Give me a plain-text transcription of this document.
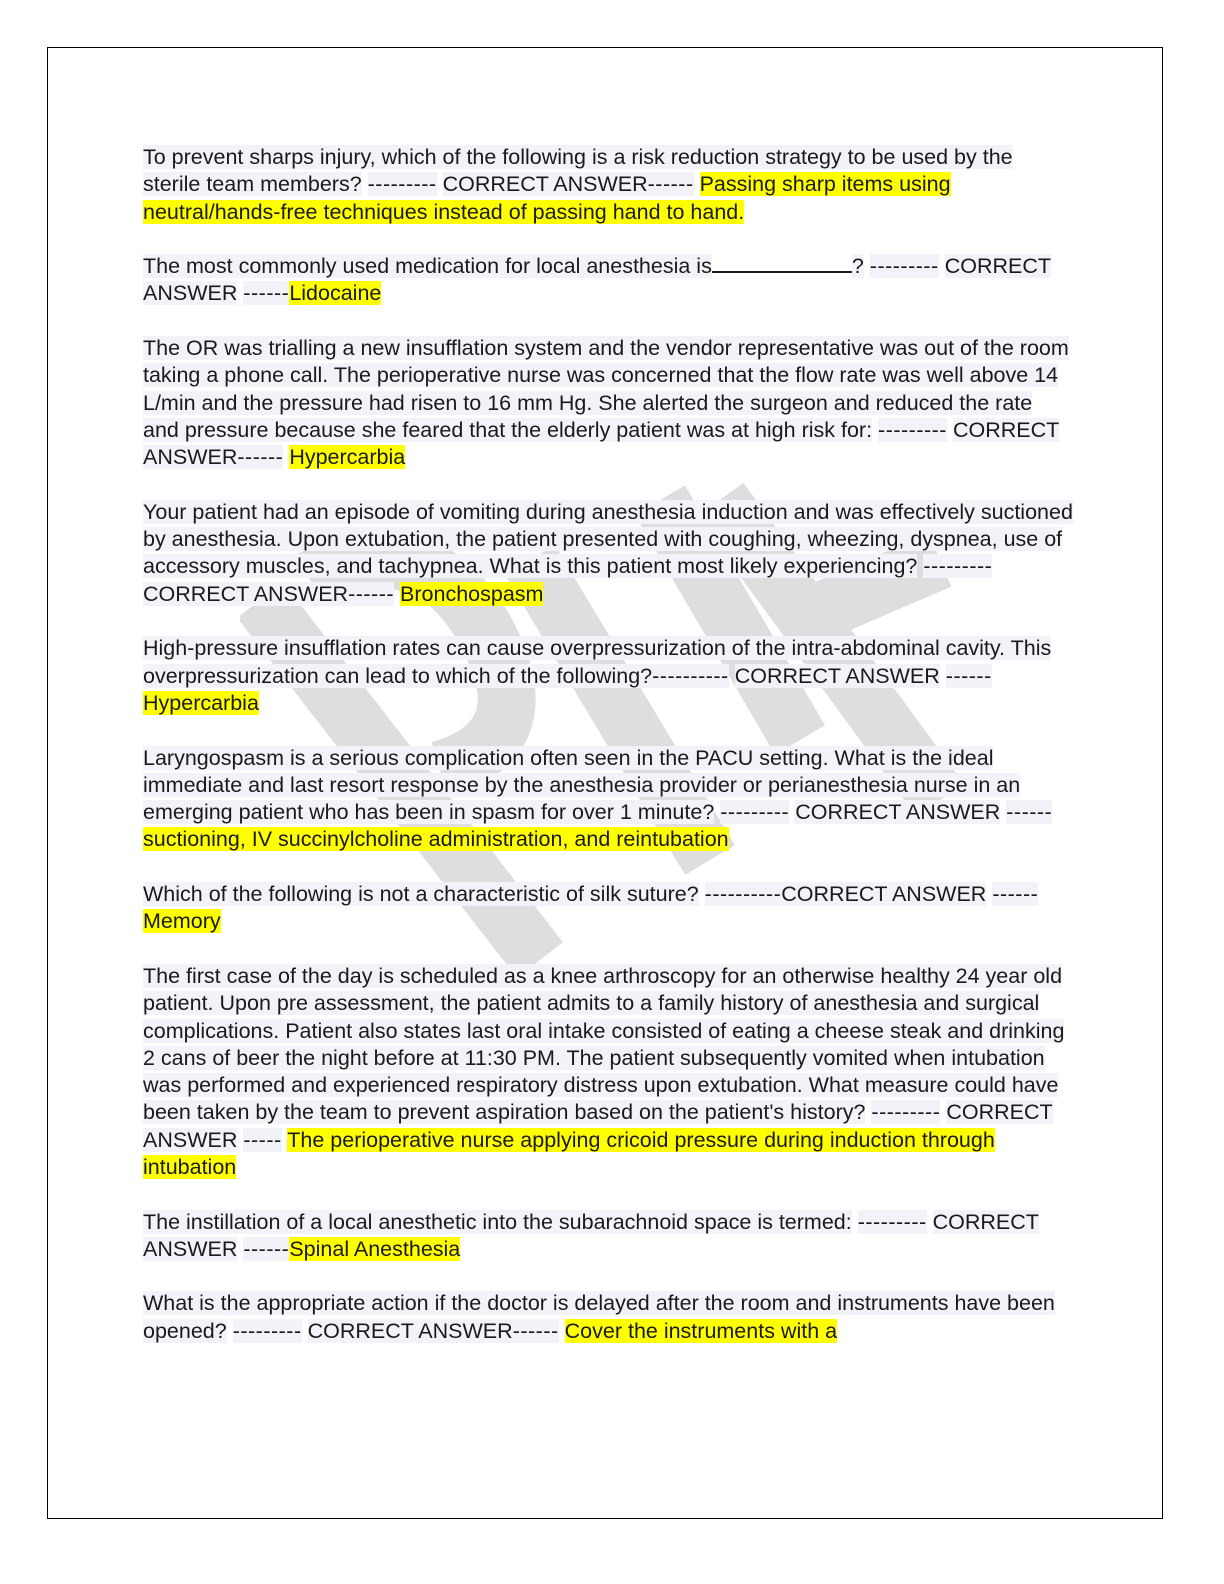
To prevent sharps injury, which of the following is a risk reduction strategy to be used by the sterile team members? --------- CORRECT ANSWER------ Passing sharp items using neutral/hands-free techniques instead of passing hand to hand.

The most commonly used medication for local anesthesia is	? --------- CORRECT ANSWER ------Lidocaine

The OR was trialling a new insufflation system and the vendor representative was out of the room taking a phone call. The perioperative nurse was concerned that the flow rate was well above 14 L/min and the pressure had risen to 16 mm Hg. She alerted the surgeon and reduced the rate and pressure because she feared that the elderly patient was at high risk for: --------- CORRECT ANSWER------ Hypercarbia

Your patient had an episode of vomiting during anesthesia induction and was effectively suctioned by anesthesia. Upon extubation, the patient presented with coughing, wheezing, dyspnea, use of accessory muscles, and tachypnea. What is this patient most likely experiencing? --------- CORRECT ANSWER------ Bronchospasm

High-pressure insufflation rates can cause overpressurization of the intra-abdominal cavity. This overpressurization can lead to which of the following?---------- CORRECT ANSWER ------Hypercarbia

Laryngospasm is a serious complication often seen in the PACU setting. What is the ideal immediate and last resort response by the anesthesia provider or perianesthesia nurse in an emerging patient who has been in spasm for over 1 minute? --------- CORRECT ANSWER ------suctioning, IV succinylcholine administration, and reintubation

Which of the following is not a characteristic of silk suture? ----------CORRECT ANSWER ------Memory

The first case of the day is scheduled as a knee arthroscopy for an otherwise healthy 24 year old patient. Upon pre assessment, the patient admits to a family history of anesthesia and surgical complications. Patient also states last oral intake consisted of eating a cheese steak and drinking 2 cans of beer the night before at 11:30 PM. The patient subsequently vomited when intubation was performed and experienced respiratory distress upon extubation. What measure could have been taken by the team to prevent aspiration based on the patient's history? --------- CORRECT ANSWER ----- The perioperative nurse applying cricoid pressure during induction through intubation

The instillation of a local anesthetic into the subarachnoid space is termed: --------- CORRECT ANSWER ------Spinal Anesthesia

What is the appropriate action if the doctor is delayed after the room and instruments have been opened? --------- CORRECT ANSWER------ Cover the instruments with a
